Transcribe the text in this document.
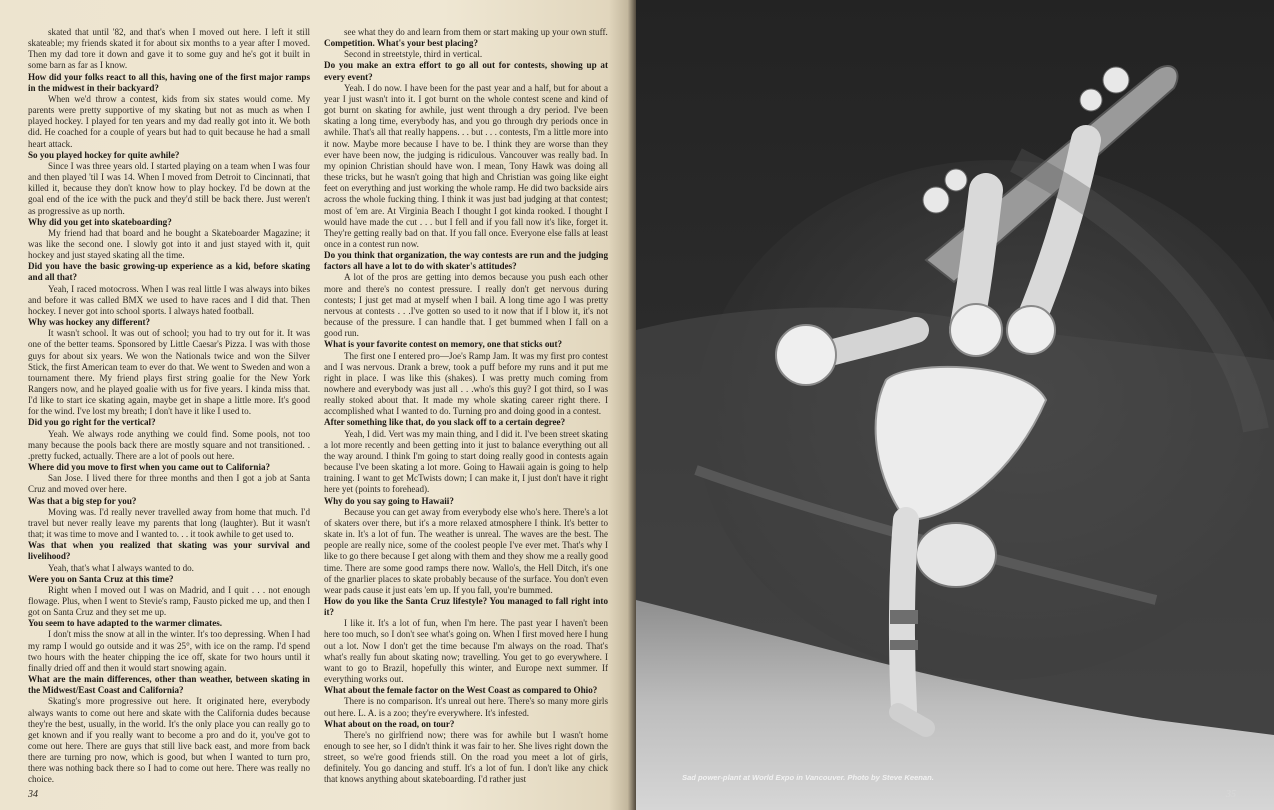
skated that until '82, and that's when I moved out here. I left it still skateable; my friends skated it for about six months to a year after I moved. Then my dad tore it down and gave it to some guy and he's got it built in some barn as far as I know.

How did your folks react to all this, having one of the first major ramps in the midwest in their backyard?

When we'd throw a contest, kids from six states would come. My parents were pretty supportive of my skating but not as much as when I played hockey. I played for ten years and my dad really got into it. We both did. He coached for a couple of years but had to quit because he had a small heart attack.

So you played hockey for quite awhile?

Since I was three years old. I started playing on a team when I was four and then played 'til I was 14. When I moved from Detroit to Cincinnati, that killed it, because they don't know how to play hockey. I'd be down at the goal end of the ice with the puck and they'd still be back there. Just weren't as progressive as up north.

Why did you get into skateboarding?

My friend had that board and he bought a Skateboarder Magazine; it was like the second one. I slowly got into it and just stayed with it, quit hockey and just stayed skating all the time.

Did you have the basic growing-up experience as a kid, before skating and all that?

Yeah, I raced motocross. When I was real little I was always into bikes and before it was called BMX we used to have races and I did that. Then hockey. I never got into school sports. I always hated football.

Why was hockey any different?

It wasn't school. It was out of school; you had to try out for it. It was one of the better teams. Sponsored by Little Caesar's Pizza. I was with those guys for about six years. We won the Nationals twice and won the Silver Stick, the first American team to ever do that. We went to Sweden and won a tournament there. My friend plays first string goalie for the New York Rangers now, and he played goalie with us for five years. I kinda miss that. I'd like to start ice skating again, maybe get in shape a little more. It's good for the wind. I've lost my breath; I don't have it like I used to.

Did you go right for the vertical?

Yeah. We always rode anything we could find. Some pools, not too many because the pools back there are mostly square and not transitioned. . .pretty fucked, actually. There are a lot of pools out here.

Where did you move to first when you came out to California?

San Jose. I lived there for three months and then I got a job at Santa Cruz and moved over here.

Was that a big step for you?

Moving was. I'd really never travelled away from home that much. I'd travel but never really leave my parents that long (laughter). But it wasn't that; it was time to move and I wanted to. . . it took awhile to get used to.

Was that when you realized that skating was your survival and livelihood?

Yeah, that's what I always wanted to do.

Were you on Santa Cruz at this time?

Right when I moved out I was on Madrid, and I quit . . . not enough flowage. Plus, when I went to Stevie's ramp, Fausto picked me up, and then I got on Santa Cruz and they set me up.

You seem to have adapted to the warmer climates.

I don't miss the snow at all in the winter. It's too depressing. When I had my ramp I would go outside and it was 25°, with ice on the ramp. I'd spend two hours with the heater chipping the ice off, skate for two hours until it finally dried off and then it would start snowing again.

What are the main differences, other than weather, between skating in the Midwest/East Coast and California?

Skating's more progressive out here. It originated here, everybody always wants to come out here and skate with the California dudes because they're the best, usually, in the world. It's the only place you can really go to get known and if you really want to become a pro and do it, you've got to come out here. There are guys that still live back east, and more from back there are turning pro now, which is good, but when I wanted to turn pro, there was nothing back there so I had to come out here. There was really no choice.

see what they do and learn from them or start making up your own stuff.

Competition. What's your best placing?

Second in streetstyle, third in vertical.

Do you make an extra effort to go all out for contests, showing up at every event?

Yeah. I do now. I have been for the past year and a half, but for about a year I just wasn't into it. I got burnt on the whole contest scene and kind of got burnt on skating for awhile, just went through a dry period. I've been skating a long time, everybody has, and you go through dry periods once in awhile. That's all that really happens. . . but . . . contests, I'm a little more into it now. Maybe more because I have to be. I think they are worse than they ever have been now, the judging is ridiculous. Vancouver was really bad. In my opinion Christian should have won. I mean, Tony Hawk was doing all these tricks, but he wasn't going that high and Christian was going like eight feet on everything and just working the whole ramp. He did two backside airs across the whole fucking thing. I think it was just bad judging at that contest; most of 'em are. At Virginia Beach I thought I got kinda rooked. I thought I would have made the cut . . . but I fell and if you fall now it's like, forget it. They're getting really bad on that. If you fall once. Everyone else falls at least once in a contest run now.

Do you think that organization, the way contests are run and the judging factors all have a lot to do with skater's attitudes?

A lot of the pros are getting into demos because you push each other more and there's no contest pressure. I really don't get nervous during contests; I just get mad at myself when I bail. A long time ago I was pretty nervous at contests . . .I've gotten so used to it now that if I blow it, it's not because of the pressure. I can handle that. I get bummed when I fall on a good run.

What is your favorite contest on memory, one that sticks out?

The first one I entered pro—Joe's Ramp Jam. It was my first pro contest and I was nervous. Drank a brew, took a puff before my runs and it put me right in place. I was like this (shakes). I was pretty much coming from nowhere and everybody was just all . . .who's this guy? I got third, so I was really stoked about that. It made my whole skating career right there. I accomplished what I wanted to do. Turning pro and doing good in a contest.

After something like that, do you slack off to a certain degree?

Yeah, I did. Vert was my main thing, and I did it. I've been street skating a lot more recently and been getting into it just to balance everything out all the way around. I think I'm going to start doing really good in contests again because I've been skating a lot more. Going to Hawaii again is going to help training. I want to get McTwists down; I can make it, I just don't have it right here yet (points to forehead).

Why do you say going to Hawaii?

Because you can get away from everybody else who's here. There's a lot of skaters over there, but it's a more relaxed atmosphere I think. It's better to skate in. It's a lot of fun. The weather is unreal. The waves are the best. The people are really nice, some of the coolest people I've ever met. That's why I like to go there because I get along with them and they show me a really good time. There are some good ramps there now. Wallo's, the Hell Ditch, it's one of the gnarlier places to skate probably because of the surface. You don't even wear pads cause it just eats 'em up. If you fall, you're bummed.

How do you like the Santa Cruz lifestyle? You managed to fall right into it?

I like it. It's a lot of fun, when I'm here. The past year I haven't been here too much, so I don't see what's going on. When I first moved here I hung out a lot. Now I don't get the time because I'm always on the road. That's what's really fun about skating now; travelling. You get to go everywhere. I want to go to Brazil, hopefully this winter, and Europe next summer. If everything works out.

What about the female factor on the West Coast as compared to Ohio?

There is no comparison. It's unreal out here. There's so many more girls out here. L. A. is a zoo; they're everywhere. It's infested.

What about on the road, on tour?

There's no girlfriend now; there was for awhile but I wasn't home enough to see her, so I didn't think it was fair to her. She lives right down the street, so we're good friends still. On the road you meet a lot of girls, definitely. You go dancing and stuff. It's a lot of fun. I don't like any chick that knows anything about skateboarding. I'd rather just

34
Sad power-plant at World Expo in Vancouver. Photo by Steve Keenan.
35
